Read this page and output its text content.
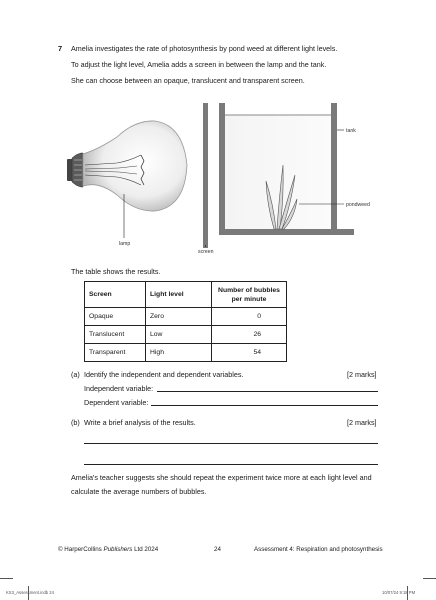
7 Amelia investigates the rate of photosynthesis by pond weed at different light levels.
To adjust the light level, Amelia adds a screen in between the lamp and the tank.
She can choose between an opaque, translucent and transparent screen.
lamp
screen
tank
pondweed
The table shows the results.
Screen	Light level	Number of bubbles per minute
Opaque	Zero	0
Translucent	Low	26
Transparent	High	54
(a) Identify the independent and dependent variables.	[2 marks]
Independent variable:
Dependent variable:
(b) Write a brief analysis of the results.	[2 marks]
Amelia's teacher suggests she should repeat the experiment twice more at each light level and
calculate the average numbers of bubbles.
© HarperCollins Publishers Ltd 2024	24	Assessment 4: Respiration and photosynthesis
KS3_Assessment.indb 24	10/07/24 9:18 PM
